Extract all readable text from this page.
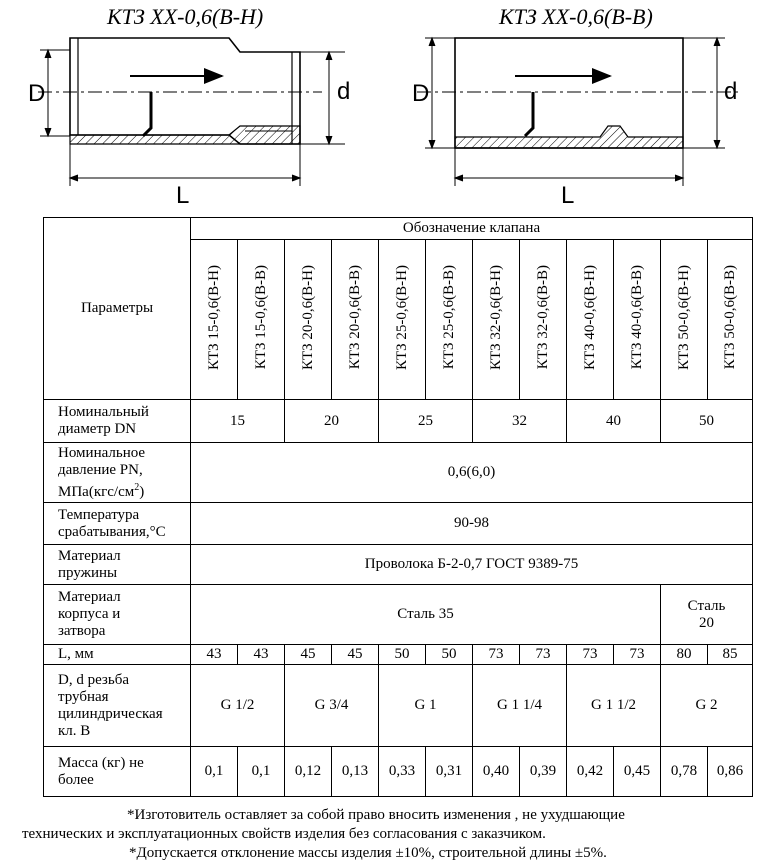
КТЗ XX-0,6(В-Н)
D	d
L
КТЗ XX-0,6(В-В)
D	d
L
Параметры	Обозначение клапана											
	КТЗ 15-0,6(В-Н)	КТЗ 15-0,6(В-В)	КТЗ 20-0,6(В-Н)	КТЗ 20-0,6(В-В)	КТЗ 25-0,6(В-Н)	КТЗ 25-0,6(В-В)	КТЗ 32-0,6(В-Н)	КТЗ 32-0,6(В-В)	КТЗ 40-0,6(В-Н)	КТЗ 40-0,6(В-В)	КТЗ 50-0,6(В-Н)	КТЗ 50-0,6(В-В)
Номинальный
диаметр DN	15		20		25		32		40		50	
Номинальное
давление PN,
$МПа(кгс/см^2)$	0,6(6,0)											
Температура
срабатывания,°С	90-98											
Материал
пружины	Проволока Б-2-0,7 ГОСТ 9389-75											
Материал
корпуса и
затвора	Сталь 35										Сталь
20	
L, мм	43	43	45	45	50	50	73	73	73	73	80	85
D, d резьба
трубная
цилиндрическая
кл. В	G 1/2		G 3/4		G 1		G 1 1/4		G 1 1/2		G 2	
Масса (кг) не
более	0,1	0,1	0,12	0,13	0,33	0,31	0,40	0,39	0,42	0,45	0,78	0,86
*Изготовитель оставляет за собой право вносить изменения , не ухудшающие
технических и эксплуатационных свойств изделия без согласования с заказчиком.
*Допускается отклонение массы изделия ±10%, строительной длины ±5%.
